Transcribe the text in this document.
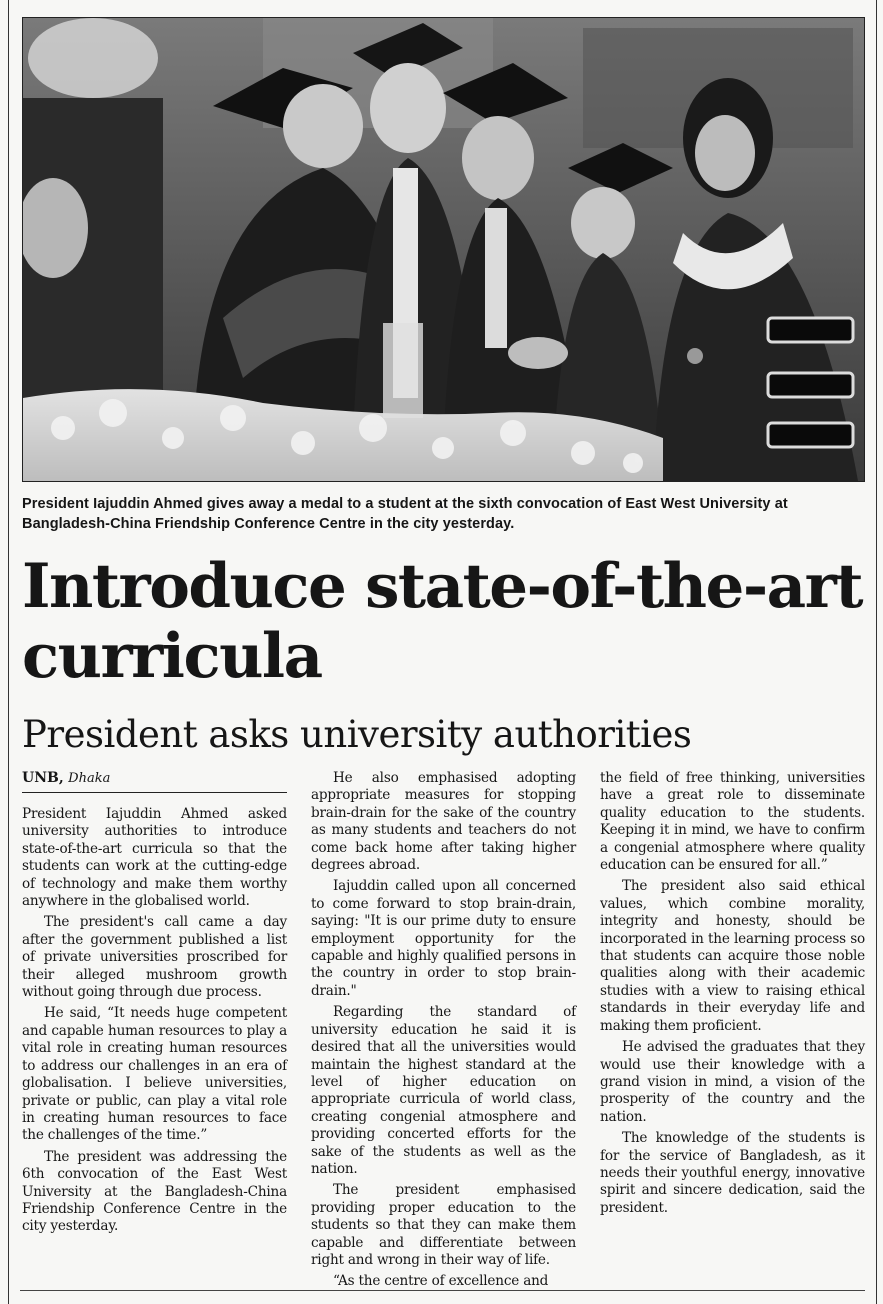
President Iajuddin Ahmed gives away a medal to a student at the sixth convocation of East West University at Bangladesh-China Friendship Conference Centre in the city yesterday.
Introduce state-of-the-art curricula
President asks university authorities
UNB, Dhaka

President Iajuddin Ahmed asked university authorities to introduce state-of-the-art curricula so that the students can work at the cutting-edge of technology and make them worthy anywhere in the globalised world.

The president's call came a day after the government published a list of private universities proscribed for their alleged mushroom growth without going through due process.

He said, “It needs huge competent and capable human resources to play a vital role in creating human resources to address our challenges in an era of globalisation. I believe universities, private or public, can play a vital role in creating human resources to face the challenges of the time.”

The president was addressing the 6th convocation of the East West University at the Bangladesh-China Friendship Conference Centre in the city yesterday.

He also emphasised adopting appropriate measures for stopping brain-drain for the sake of the country as many students and teachers do not come back home after taking higher degrees abroad.

Iajuddin called upon all concerned to come forward to stop brain-drain, saying: "It is our prime duty to ensure employment opportunity for the capable and highly qualified persons in the country in order to stop brain-drain."

Regarding the standard of university education he said it is desired that all the universities would maintain the highest standard at the level of higher education on appropriate curricula of world class, creating congenial atmosphere and providing concerted efforts for the sake of the students as well as the nation.

The president emphasised providing proper education to the students so that they can make them capable and differentiate between right and wrong in their way of life.

“As the centre of excellence and

the field of free thinking, universities have a great role to disseminate quality education to the students. Keeping it in mind, we have to confirm a congenial atmosphere where quality education can be ensured for all.”

The president also said ethical values, which combine morality, integrity and honesty, should be incorporated in the learning process so that students can acquire those noble qualities along with their academic studies with a view to raising ethical standards in their everyday life and making them proficient.

He advised the graduates that they would use their knowledge with a grand vision in mind, a vision of the prosperity of the country and the nation.

The knowledge of the students is for the service of Bangladesh, as it needs their youthful energy, innovative spirit and sincere dedication, said the president.
